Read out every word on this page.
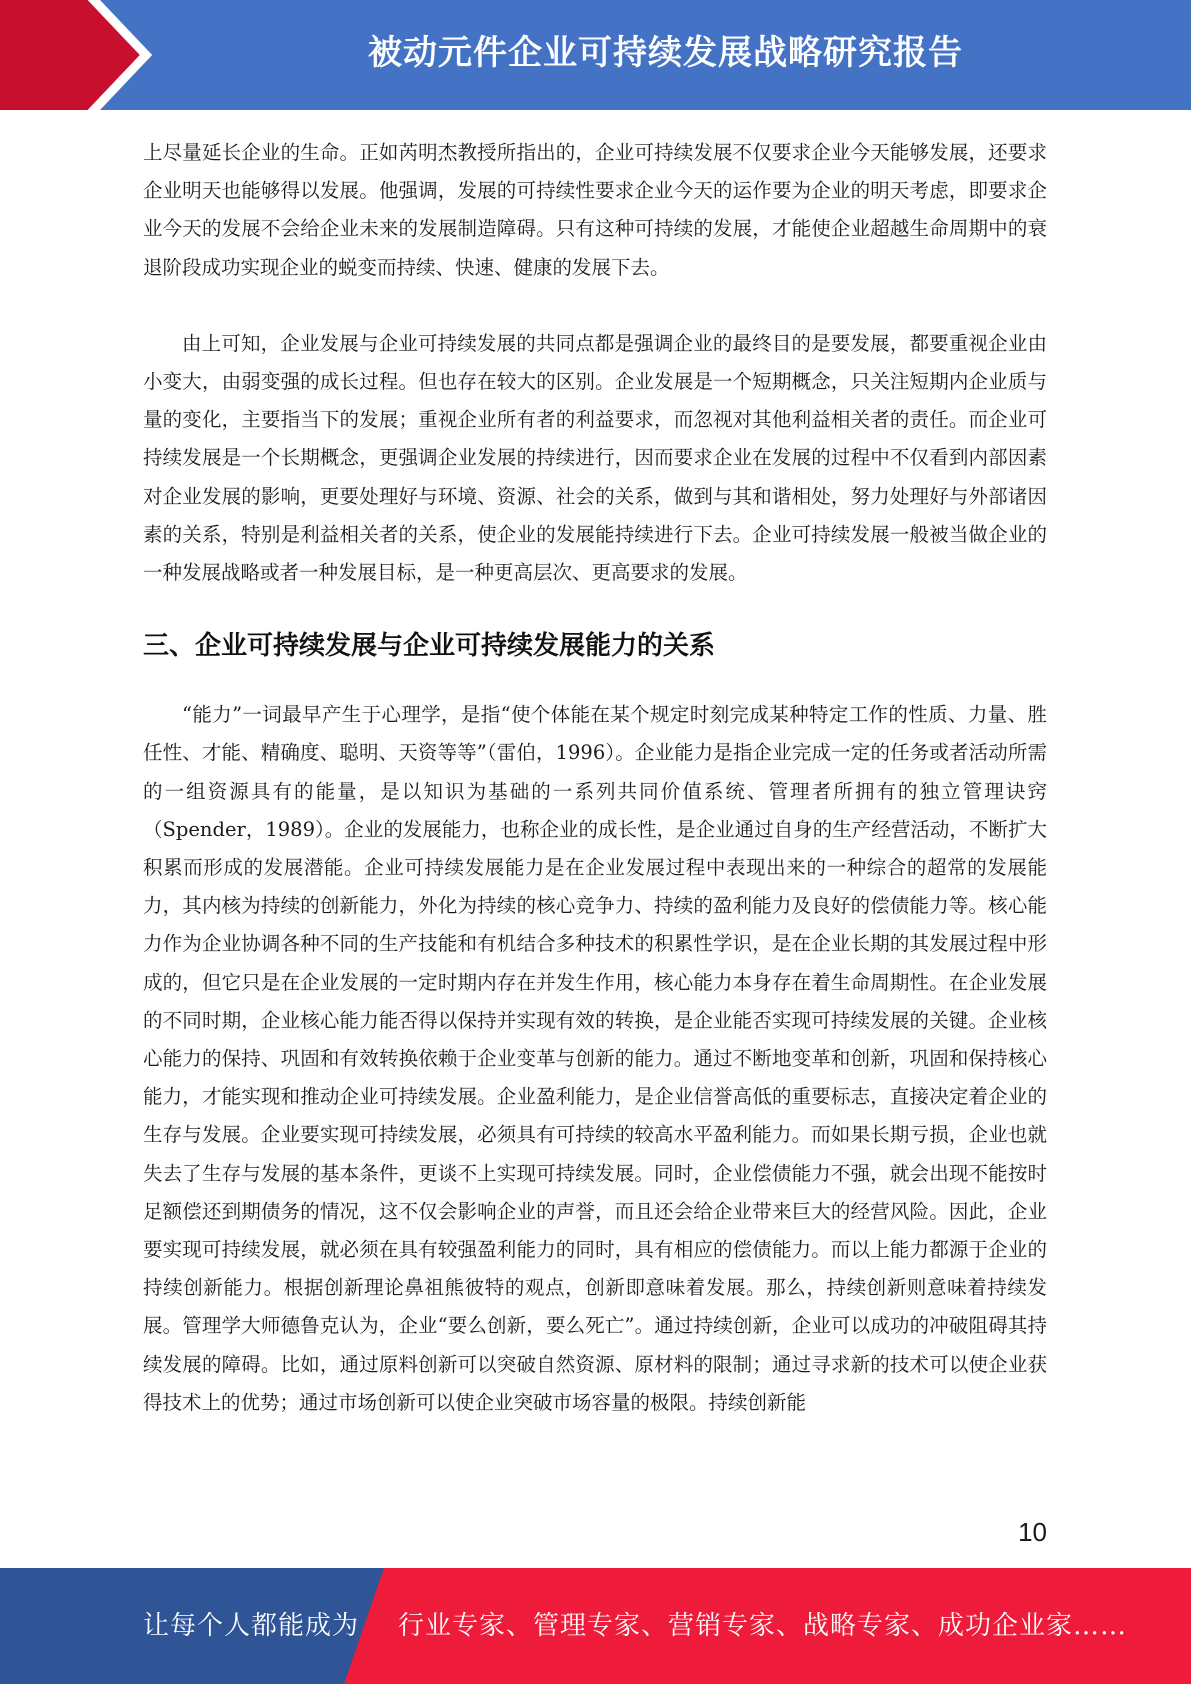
被动元件企业可持续发展战略研究报告

上尽量延长企业的生命。正如芮明杰教授所指出的，企业可持续发展不仅要求企业今天能够发展，还要求企业明天也能够得以发展。他强调，发展的可持续性要求企业今天的运作要为企业的明天考虑，即要求企业今天的发展不会给企业未来的发展制造障碍。只有这种可持续的发展，才能使企业超越生命周期中的衰退阶段成功实现企业的蜕变而持续、快速、健康的发展下去。

由上可知，企业发展与企业可持续发展的共同点都是强调企业的最终目的是要发展，都要重视企业由小变大，由弱变强的成长过程。但也存在较大的区别。企业发展是一个短期概念，只关注短期内企业质与量的变化，主要指当下的发展；重视企业所有者的利益要求，而忽视对其他利益相关者的责任。而企业可持续发展是一个长期概念，更强调企业发展的持续进行，因而要求企业在发展的过程中不仅看到内部因素对企业发展的影响，更要处理好与环境、资源、社会的关系，做到与其和谐相处，努力处理好与外部诸因素的关系，特别是利益相关者的关系，使企业的发展能持续进行下去。企业可持续发展一般被当做企业的一种发展战略或者一种发展目标，是一种更高层次、更高要求的发展。

三、企业可持续发展与企业可持续发展能力的关系

“能力”一词最早产生于心理学，是指“使个体能在某个规定时刻完成某种特定工作的性质、力量、胜任性、才能、精确度、聪明、天资等等”（雷伯，1996）。企业能力是指企业完成一定的任务或者活动所需的一组资源具有的能量，是以知识为基础的一系列共同价值系统、管理者所拥有的独立管理诀窍（Spender，1989）。企业的发展能力，也称企业的成长性，是企业通过自身的生产经营活动，不断扩大积累而形成的发展潜能。企业可持续发展能力是在企业发展过程中表现出来的一种综合的超常的发展能力，其内核为持续的创新能力，外化为持续的核心竞争力、持续的盈利能力及良好的偿债能力等。核心能力作为企业协调各种不同的生产技能和有机结合多种技术的积累性学识，是在企业长期的其发展过程中形成的，但它只是在企业发展的一定时期内存在并发生作用，核心能力本身存在着生命周期性。在企业发展的不同时期，企业核心能力能否得以保持并实现有效的转换，是企业能否实现可持续发展的关键。企业核心能力的保持、巩固和有效转换依赖于企业变革与创新的能力。通过不断地变革和创新，巩固和保持核心能力，才能实现和推动企业可持续发展。企业盈利能力，是企业信誉高低的重要标志，直接决定着企业的生存与发展。企业要实现可持续发展，必须具有可持续的较高水平盈利能力。而如果长期亏损，企业也就失去了生存与发展的基本条件，更谈不上实现可持续发展。同时，企业偿债能力不强，就会出现不能按时足额偿还到期债务的情况，这不仅会影响企业的声誉，而且还会给企业带来巨大的经营风险。因此，企业要实现可持续发展，就必须在具有较强盈利能力的同时，具有相应的偿债能力。而以上能力都源于企业的持续创新能力。根据创新理论鼻祖熊彼特的观点，创新即意味着发展。那么，持续创新则意味着持续发展。管理学大师德鲁克认为，企业“要么创新，要么死亡”。通过持续创新，企业可以成功的冲破阻碍其持续发展的障碍。比如，通过原料创新可以突破自然资源、原材料的限制；通过寻求新的技术可以使企业获得技术上的优势；通过市场创新可以使企业突破市场容量的极限。持续创新能

10
让每个人都能成为 行业专家、管理专家、营销专家、战略专家、成功企业家……
